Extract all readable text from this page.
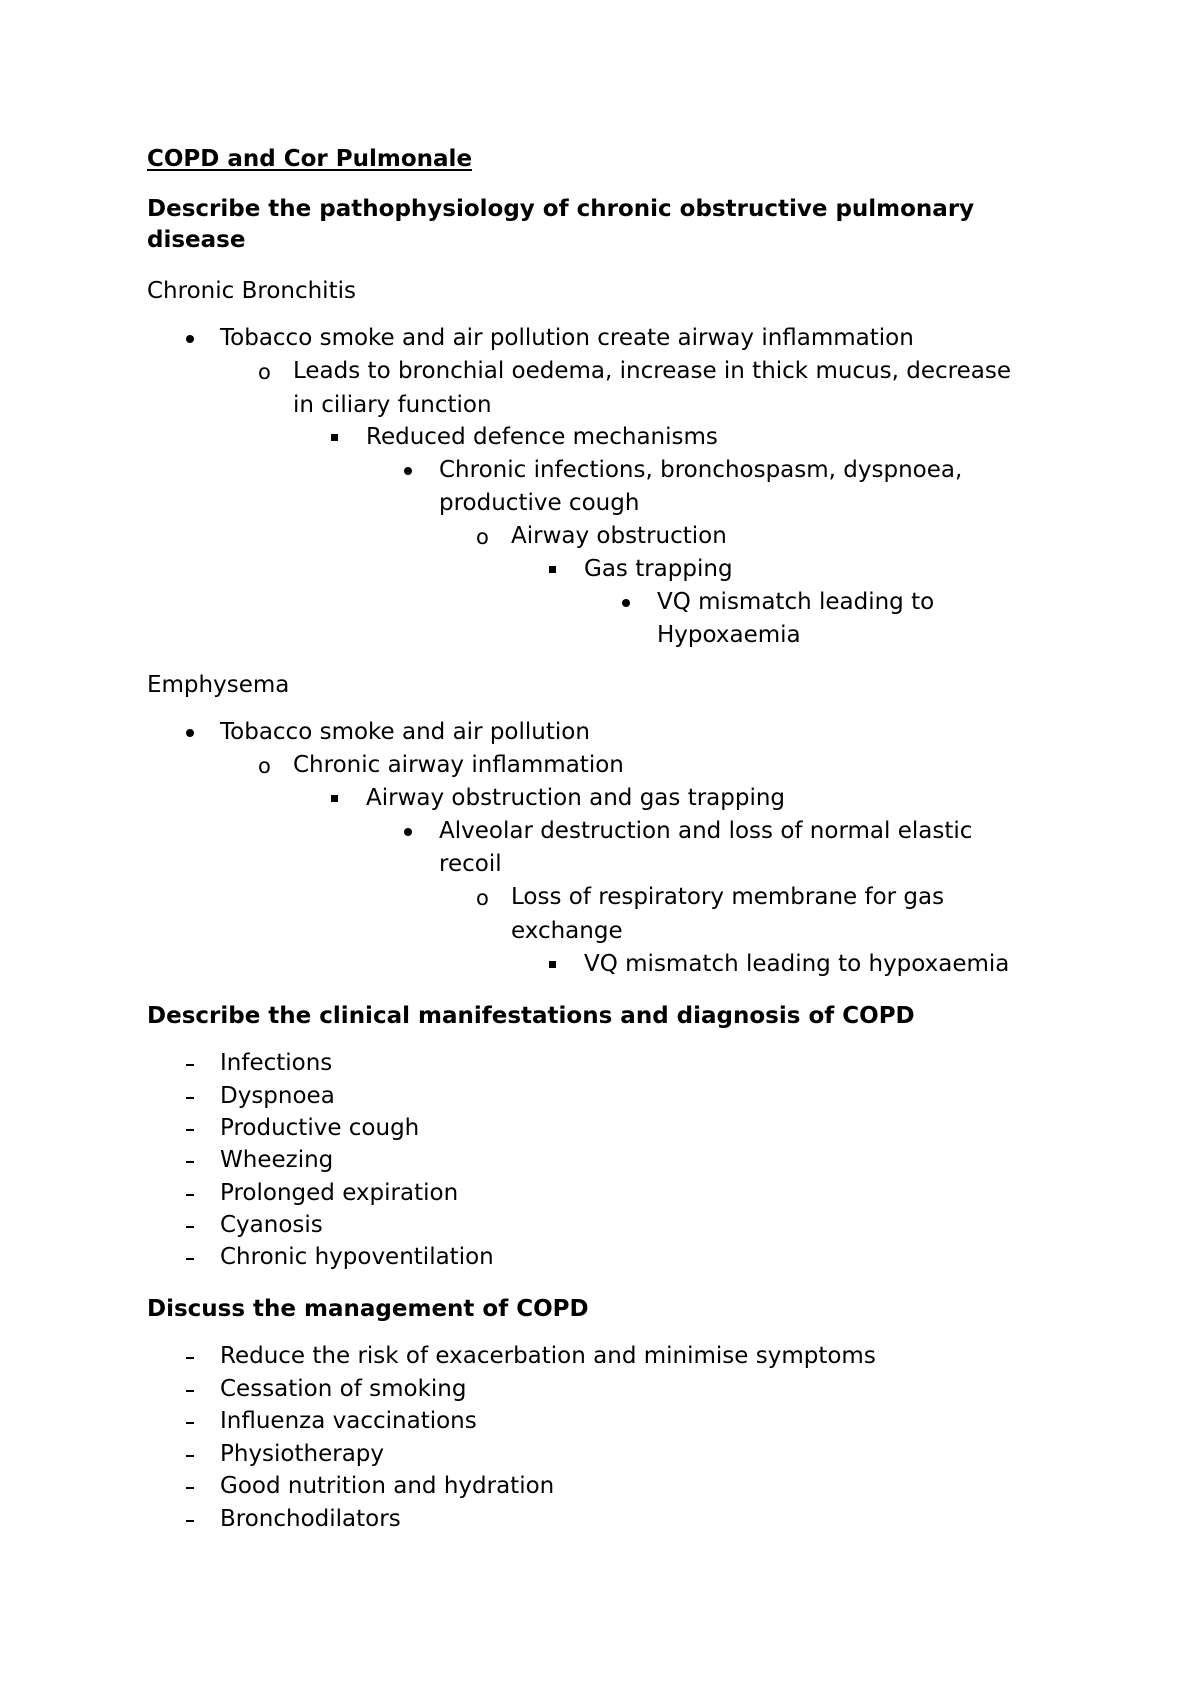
COPD and Cor Pulmonale
Describe the pathophysiology of chronic obstructive pulmonary
disease
Chronic Bronchitis
Tobacco smoke and air pollution create airway inflammation
o Leads to bronchial oedema, increase in thick mucus, decrease
in ciliary function
Reduced defence mechanisms
Chronic infections, bronchospasm, dyspnoea,
productive cough
o Airway obstruction
Gas trapping
VQ mismatch leading to
Hypoxaemia
Emphysema
Tobacco smoke and air pollution
o Chronic airway inflammation
Airway obstruction and gas trapping
Alveolar destruction and loss of normal elastic
recoil
o Loss of respiratory membrane for gas
exchange
VQ mismatch leading to hypoxaemia
Describe the clinical manifestations and diagnosis of COPD
Infections
Dyspnoea
Productive cough
Wheezing
Prolonged expiration
Cyanosis
Chronic hypoventilation
Discuss the management of COPD
Reduce the risk of exacerbation and minimise symptoms
Cessation of smoking
Influenza vaccinations
Physiotherapy
Good nutrition and hydration
Bronchodilators
